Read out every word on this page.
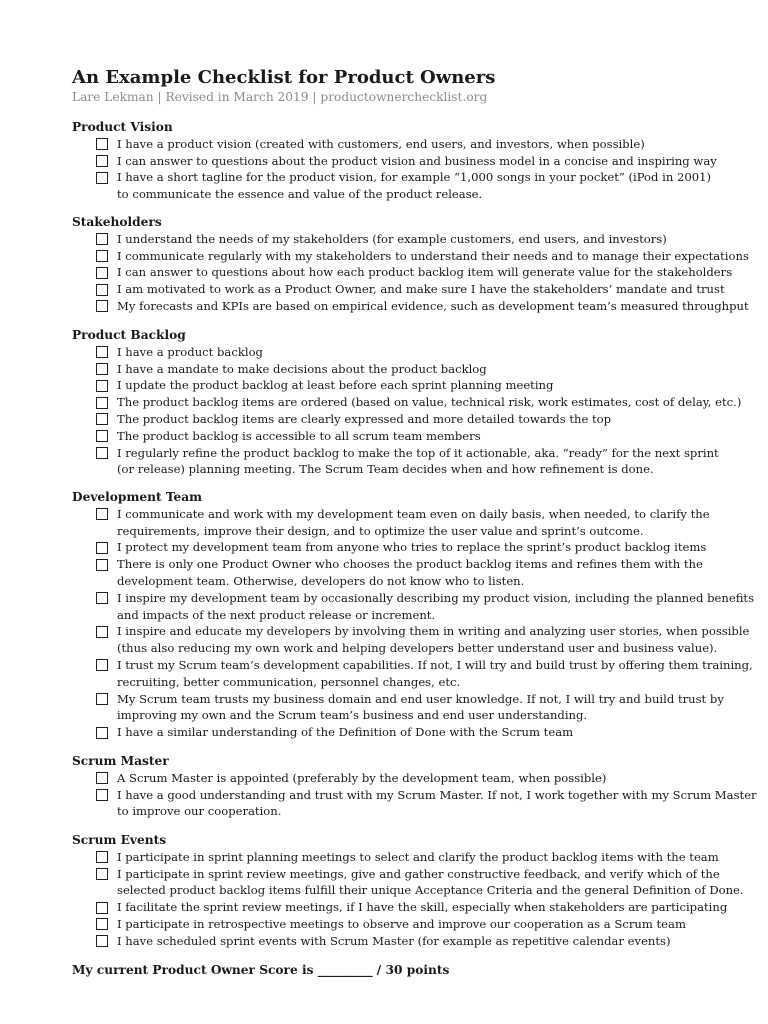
An Example Checklist for Product Owners
Lare Lekman | Revised in March 2019 | productownerchecklist.org
Product Vision
I have a product vision (created with customers, end users, and investors, when possible)
I can answer to questions about the product vision and business model in a concise and inspiring way
I have a short tagline for the product vision, for example “1,000 songs in your pocket” (iPod in 2001)
to communicate the essence and value of the product release.
Stakeholders
I understand the needs of my stakeholders (for example customers, end users, and investors)
I communicate regularly with my stakeholders to understand their needs and to manage their expectations
I can answer to questions about how each product backlog item will generate value for the stakeholders
I am motivated to work as a Product Owner, and make sure I have the stakeholders’ mandate and trust
My forecasts and KPIs are based on empirical evidence, such as development team’s measured throughput
Product Backlog
I have a product backlog
I have a mandate to make decisions about the product backlog
I update the product backlog at least before each sprint planning meeting
The product backlog items are ordered (based on value, technical risk, work estimates, cost of delay, etc.)
The product backlog items are clearly expressed and more detailed towards the top
The product backlog is accessible to all scrum team members
I regularly refine the product backlog to make the top of it actionable, aka. “ready” for the next sprint
(or release) planning meeting. The Scrum Team decides when and how refinement is done.
Development Team
I communicate and work with my development team even on daily basis, when needed, to clarify the
requirements, improve their design, and to optimize the user value and sprint’s outcome.
I protect my development team from anyone who tries to replace the sprint’s product backlog items
There is only one Product Owner who chooses the product backlog items and refines them with the
development team. Otherwise, developers do not know who to listen.
I inspire my development team by occasionally describing my product vision, including the planned benefits
and impacts of the next product release or increment.
I inspire and educate my developers by involving them in writing and analyzing user stories, when possible
(thus also reducing my own work and helping developers better understand user and business value).
I trust my Scrum team’s development capabilities. If not, I will try and build trust by offering them training,
recruiting, better communication, personnel changes, etc.
My Scrum team trusts my business domain and end user knowledge. If not, I will try and build trust by
improving my own and the Scrum team’s business and end user understanding.
I have a similar understanding of the Definition of Done with the Scrum team
Scrum Master
A Scrum Master is appointed (preferably by the development team, when possible)
I have a good understanding and trust with my Scrum Master. If not, I work together with my Scrum Master
to improve our cooperation.
Scrum Events
I participate in sprint planning meetings to select and clarify the product backlog items with the team
I participate in sprint review meetings, give and gather constructive feedback, and verify which of the
selected product backlog items fulfill their unique Acceptance Criteria and the general Definition of Done.
I facilitate the sprint review meetings, if I have the skill, especially when stakeholders are participating
I participate in retrospective meetings to observe and improve our cooperation as a Scrum team
I have scheduled sprint events with Scrum Master (for example as repetitive calendar events)
My current Product Owner Score is _________ / 30 points
